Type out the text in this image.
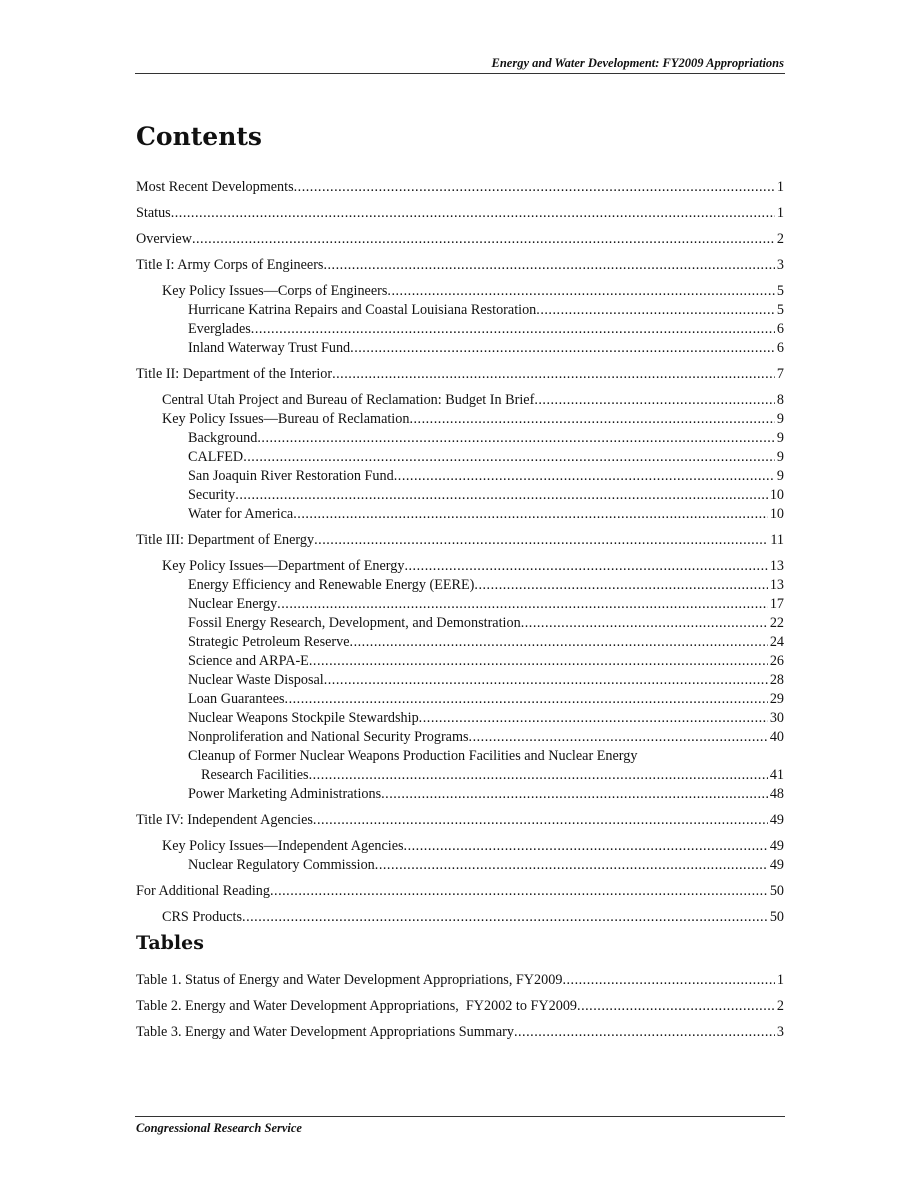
Energy and Water Development: FY2009 Appropriations
Contents
Most Recent Developments .....	1
Status .....	1
Overview .....	2
Title I: Army Corps of Engineers .....	3
Key Policy Issues—Corps of Engineers .....	5
Hurricane Katrina Repairs and Coastal Louisiana Restoration .....	5
Everglades .....	6
Inland Waterway Trust Fund .....	6
Title II: Department of the Interior .....	7
Central Utah Project and Bureau of Reclamation: Budget In Brief .....	8
Key Policy Issues—Bureau of Reclamation .....	9
Background .....	9
CALFED .....	9
San Joaquin River Restoration Fund .....	9
Security .....	10
Water for America .....	10
Title III: Department of Energy .....	11
Key Policy Issues—Department of Energy .....	13
Energy Efficiency and Renewable Energy (EERE) .....	13
Nuclear Energy .....	17
Fossil Energy Research, Development, and Demonstration .....	22
Strategic Petroleum Reserve .....	24
Science and ARPA-E .....	26
Nuclear Waste Disposal .....	28
Loan Guarantees .....	29
Nuclear Weapons Stockpile Stewardship .....	30
Nonproliferation and National Security Programs .....	40
Cleanup of Former Nuclear Weapons Production Facilities and Nuclear Energy
Research Facilities .....	41
Power Marketing Administrations .....	48
Title IV: Independent Agencies .....	49
Key Policy Issues—Independent Agencies .....	49
Nuclear Regulatory Commission .....	49
For Additional Reading .....	50
CRS Products .....	50
Tables
Table 1. Status of Energy and Water Development Appropriations, FY2009 .....	1
Table 2. Energy and Water Development Appropriations,  FY2002 to FY2009 .....	2
Table 3. Energy and Water Development Appropriations Summary .....	3
Congressional Research Service
